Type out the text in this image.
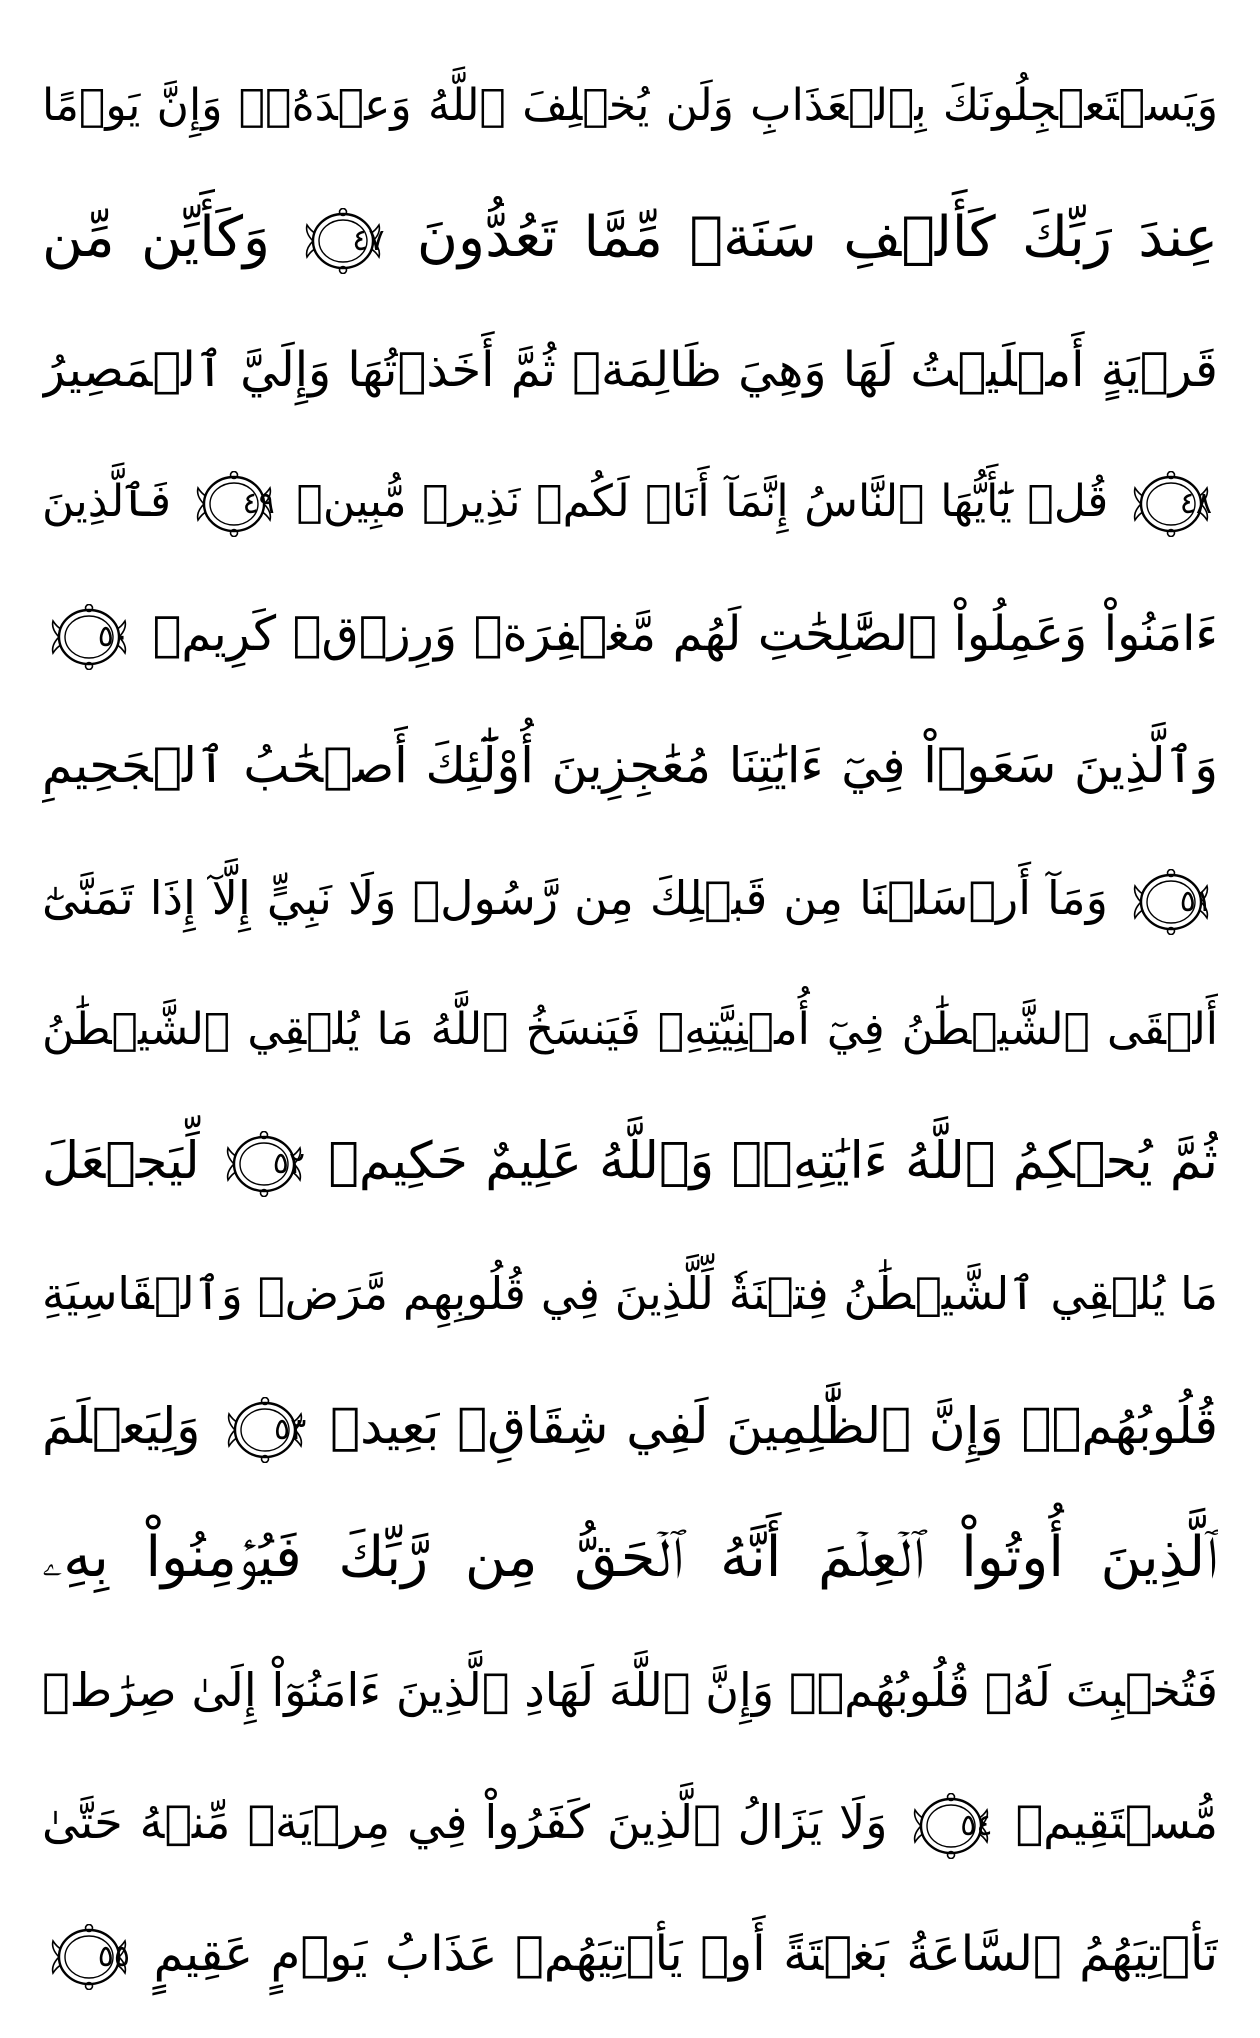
وَيَسۡتَعۡجِلُونَكَ بِٱلۡعَذَابِ وَلَن يُخۡلِفَ ٱللَّهُ وَعۡدَهُۥۚ وَإِنَّ يَوۡمًا
عِندَ رَبِّكَ كَأَلۡفِ سَنَةٖ مِّمَّا تَعُدُّونَ
٤٧ وَكَأَيِّن مِّن
قَرۡيَةٍ أَمۡلَيۡتُ لَهَا وَهِيَ ظَالِمَةٞ ثُمَّ أَخَذۡتُهَا وَإِلَيَّ ٱلۡمَصِيرُ
٤٨ قُلۡ يَٰٓأَيُّهَا ٱلنَّاسُ إِنَّمَآ أَنَا۠ لَكُمۡ نَذِيرٞ مُّبِينٞ
٤٩ فَٱلَّذِينَ
ءَامَنُواْ وَعَمِلُواْ ٱلصَّٰلِحَٰتِ لَهُم مَّغۡفِرَةٞ وَرِزۡقٞ كَرِيمٞ
٥٠
وَٱلَّذِينَ سَعَوۡاْ فِيٓ ءَايَٰتِنَا مُعَٰجِزِينَ أُوْلَٰٓئِكَ أَصۡحَٰبُ ٱلۡجَحِيمِ
٥١ وَمَآ أَرۡسَلۡنَا مِن قَبۡلِكَ مِن رَّسُولٖ وَلَا نَبِيٍّ إِلَّآ إِذَا تَمَنَّىٰٓ
أَلۡقَى ٱلشَّيۡطَٰنُ فِيٓ أُمۡنِيَّتِهِۦ فَيَنسَخُ ٱللَّهُ مَا يُلۡقِي ٱلشَّيۡطَٰنُ
ثُمَّ يُحۡكِمُ ٱللَّهُ ءَايَٰتِهِۦۗ وَٱللَّهُ عَلِيمٌ حَكِيمٞ
٥٢ لِّيَجۡعَلَ
مَا يُلۡقِي ٱلشَّيۡطَٰنُ فِتۡنَةٗ لِّلَّذِينَ فِي قُلُوبِهِم مَّرَضٞ وَٱلۡقَاسِيَةِ
قُلُوبُهُمۡۗ وَإِنَّ ٱلظَّٰلِمِينَ لَفِي شِقَاقِۭ بَعِيدٖ
٥٣ وَلِيَعۡلَمَ
ٱلَّذِينَ أُوتُواْ ٱلۡعِلۡمَ أَنَّهُ ٱلۡحَقُّ مِن رَّبِّكَ فَيُؤۡمِنُواْ بِهِۦ
فَتُخۡبِتَ لَهُۥ قُلُوبُهُمۡۗ وَإِنَّ ٱللَّهَ لَهَادِ ٱلَّذِينَ ءَامَنُوٓاْ إِلَىٰ صِرَٰطٖ
مُّسۡتَقِيمٖ
٥٤ وَلَا يَزَالُ ٱلَّذِينَ كَفَرُواْ فِي مِرۡيَةٖ مِّنۡهُ حَتَّىٰ
تَأۡتِيَهُمُ ٱلسَّاعَةُ بَغۡتَةً أَوۡ يَأۡتِيَهُمۡ عَذَابُ يَوۡمٍ عَقِيمٍ
٥٥
